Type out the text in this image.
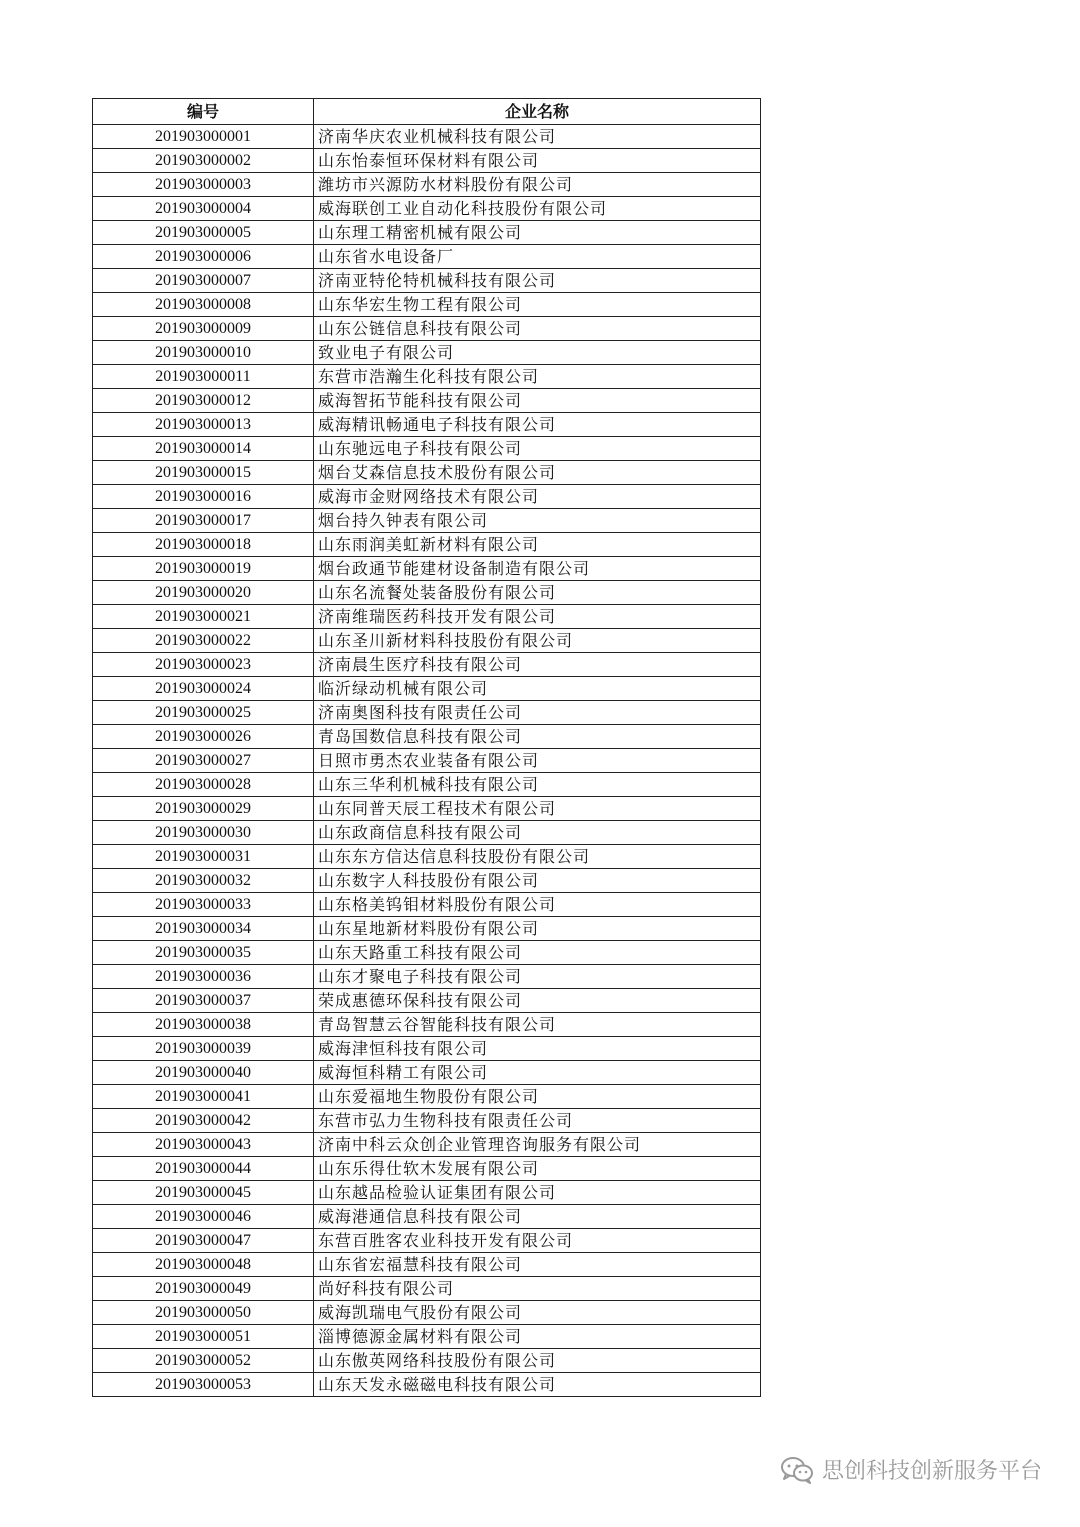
编号	企业名称
201903000001	济南华庆农业机械科技有限公司
201903000002	山东怡泰恒环保材料有限公司
201903000003	潍坊市兴源防水材料股份有限公司
201903000004	威海联创工业自动化科技股份有限公司
201903000005	山东理工精密机械有限公司
201903000006	山东省水电设备厂
201903000007	济南亚特伦特机械科技有限公司
201903000008	山东华宏生物工程有限公司
201903000009	山东公链信息科技有限公司
201903000010	致业电子有限公司
201903000011	东营市浩瀚生化科技有限公司
201903000012	威海智拓节能科技有限公司
201903000013	威海精讯畅通电子科技有限公司
201903000014	山东驰远电子科技有限公司
201903000015	烟台艾森信息技术股份有限公司
201903000016	威海市金财网络技术有限公司
201903000017	烟台持久钟表有限公司
201903000018	山东雨润美虹新材料有限公司
201903000019	烟台政通节能建材设备制造有限公司
201903000020	山东名流餐处装备股份有限公司
201903000021	济南维瑞医药科技开发有限公司
201903000022	山东圣川新材料科技股份有限公司
201903000023	济南晨生医疗科技有限公司
201903000024	临沂绿动机械有限公司
201903000025	济南奥图科技有限责任公司
201903000026	青岛国数信息科技有限公司
201903000027	日照市勇杰农业装备有限公司
201903000028	山东三华利机械科技有限公司
201903000029	山东同普天辰工程技术有限公司
201903000030	山东政商信息科技有限公司
201903000031	山东东方信达信息科技股份有限公司
201903000032	山东数字人科技股份有限公司
201903000033	山东格美钨钼材料股份有限公司
201903000034	山东星地新材料股份有限公司
201903000035	山东天路重工科技有限公司
201903000036	山东才聚电子科技有限公司
201903000037	荣成惠德环保科技有限公司
201903000038	青岛智慧云谷智能科技有限公司
201903000039	威海津恒科技有限公司
201903000040	威海恒科精工有限公司
201903000041	山东爱福地生物股份有限公司
201903000042	东营市弘力生物科技有限责任公司
201903000043	济南中科云众创企业管理咨询服务有限公司
201903000044	山东乐得仕软木发展有限公司
201903000045	山东越品检验认证集团有限公司
201903000046	威海港通信息科技有限公司
201903000047	东营百胜客农业科技开发有限公司
201903000048	山东省宏福慧科技有限公司
201903000049	尚好科技有限公司
201903000050	威海凯瑞电气股份有限公司
201903000051	淄博德源金属材料有限公司
201903000052	山东傲英网络科技股份有限公司
201903000053	山东天发永磁磁电科技有限公司
思创科技创新服务平台
